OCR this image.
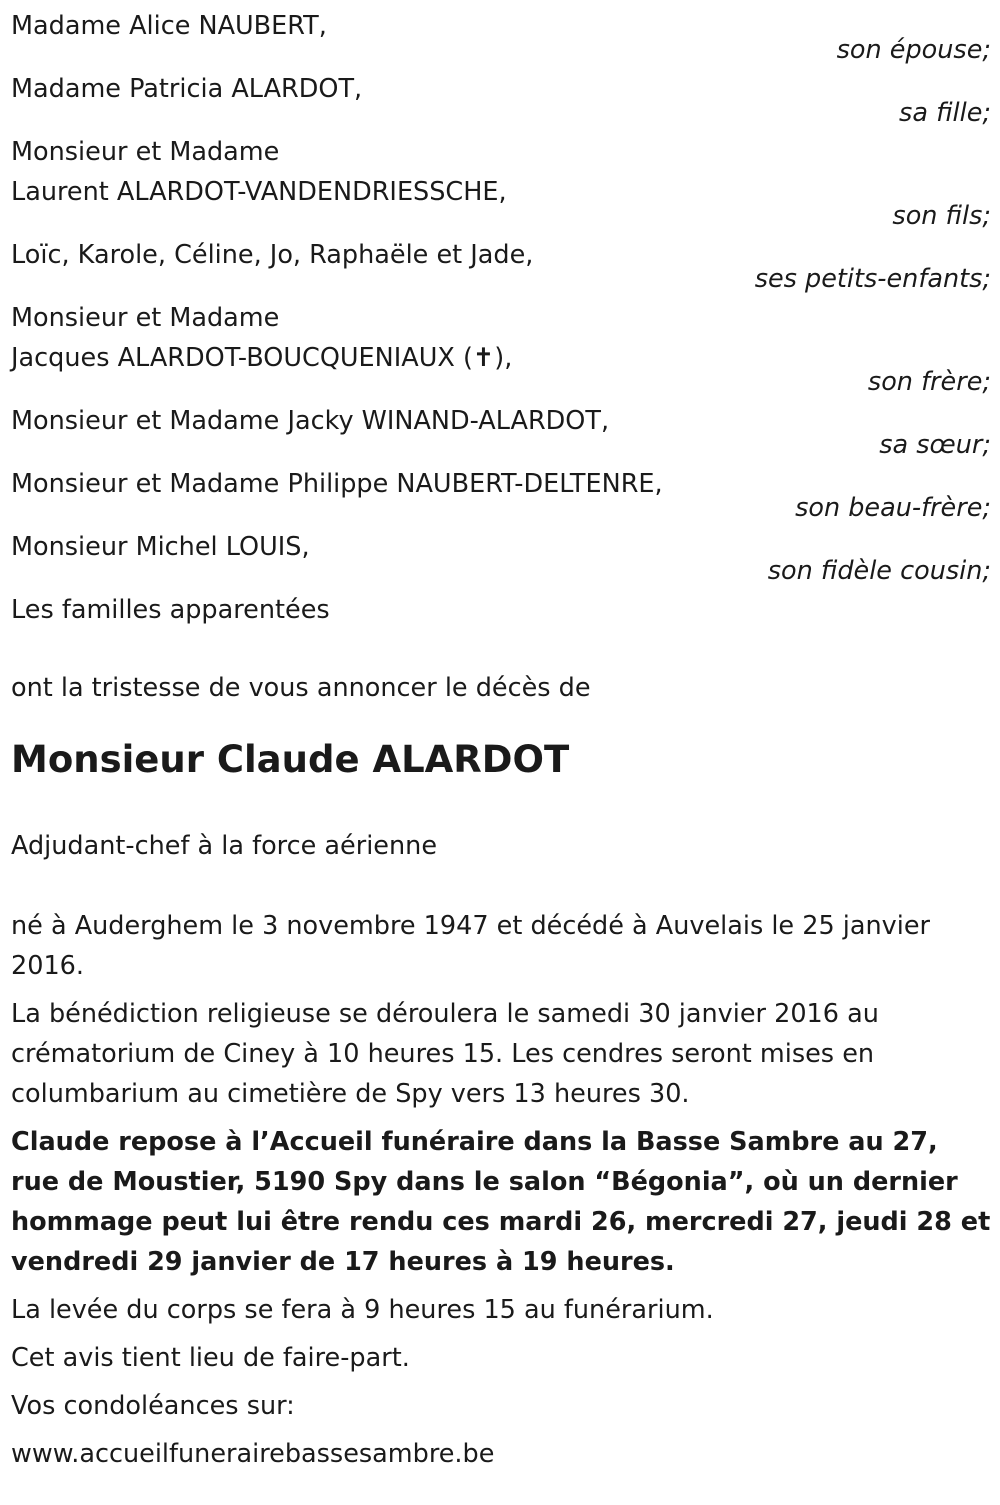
Madame Alice NAUBERT,
son épouse;
Madame Patricia ALARDOT,
sa fille;
Monsieur et Madame
Laurent ALARDOT-VANDENDRIESSCHE,
son fils;
Loïc, Karole, Céline, Jo, Raphaële et Jade,
ses petits-enfants;
Monsieur et Madame
Jacques ALARDOT-BOUCQUENIAUX (✝),
son frère;
Monsieur et Madame Jacky WINAND-ALARDOT,
sa sœur;
Monsieur et Madame Philippe NAUBERT-DELTENRE,
son beau-frère;
Monsieur Michel LOUIS,
son fidèle cousin;
Les familles apparentées
ont la tristesse de vous annoncer le décès de
Monsieur Claude ALARDOT
Adjudant-chef à la force aérienne

né à Auderghem le 3 novembre 1947 et décédé à Auvelais le 25 janvier 2016.

La bénédiction religieuse se déroulera le samedi 30 janvier 2016 au crématorium de Ciney à 10 heures 15. Les cendres seront mises en columbarium au cimetière de Spy vers 13 heures 30.

Claude repose à l’Accueil funéraire dans la Basse Sambre au 27, rue de Moustier, 5190 Spy dans le salon “Bégonia”, où un dernier hommage peut lui être rendu ces mardi 26, mercredi 27, jeudi 28 et vendredi 29 janvier de 17 heures à 19 heures.

La levée du corps se fera à 9 heures 15 au funérarium.

Cet avis tient lieu de faire-part.

Vos condoléances sur:

www.accueilfunerairebassesambre.be
